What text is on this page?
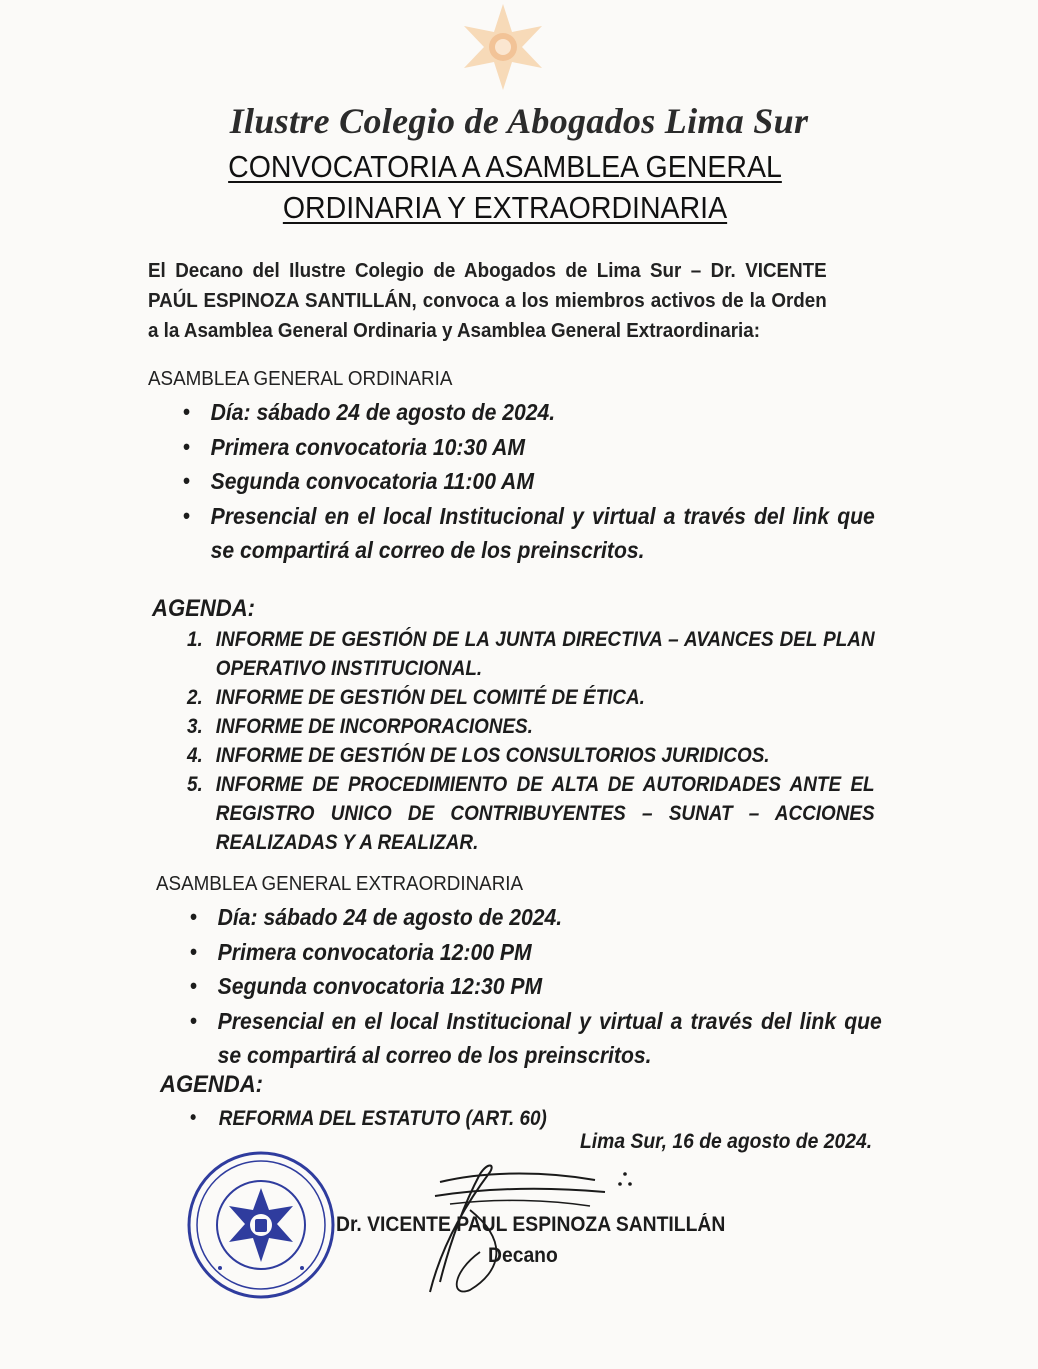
Ilustre Colegio de Abogados Lima Sur
CONVOCATORIA A ASAMBLEA GENERAL
ORDINARIA Y EXTRAORDINARIA
El Decano del Ilustre Colegio de Abogados de Lima Sur – Dr. VICENTE PAÚL ESPINOZA SANTILLÁN, convoca a los miembros activos de la Orden a la Asamblea General Ordinaria y Asamblea General Extraordinaria:
ASAMBLEA GENERAL ORDINARIA
• Día: sábado 24 de agosto de 2024.
• Primera convocatoria 10:30 AM
• Segunda convocatoria 11:00 AM
• Presencial en el local Institucional y virtual a través del link que se compartirá al correo de los preinscritos.
AGENDA:
1. INFORME DE GESTIÓN DE LA JUNTA DIRECTIVA – AVANCES DEL PLAN OPERATIVO INSTITUCIONAL.
2. INFORME DE GESTIÓN DEL COMITÉ DE ÉTICA.
3. INFORME DE INCORPORACIONES.
4. INFORME DE GESTIÓN DE LOS CONSULTORIOS JURIDICOS.
5. INFORME DE PROCEDIMIENTO DE ALTA DE AUTORIDADES ANTE EL REGISTRO UNICO DE CONTRIBUYENTES – SUNAT – ACCIONES REALIZADAS Y A REALIZAR.
ASAMBLEA GENERAL EXTRAORDINARIA
• Día: sábado 24 de agosto de 2024.
• Primera convocatoria 12:00 PM
• Segunda convocatoria 12:30 PM
• Presencial en el local Institucional y virtual a través del link que se compartirá al correo de los preinscritos.
AGENDA:
• REFORMA DEL ESTATUTO (ART. 60)
Lima Sur, 16 de agosto de 2024.
Dr. VICENTE PAUL ESPINOZA SANTILLÁN
Decano
